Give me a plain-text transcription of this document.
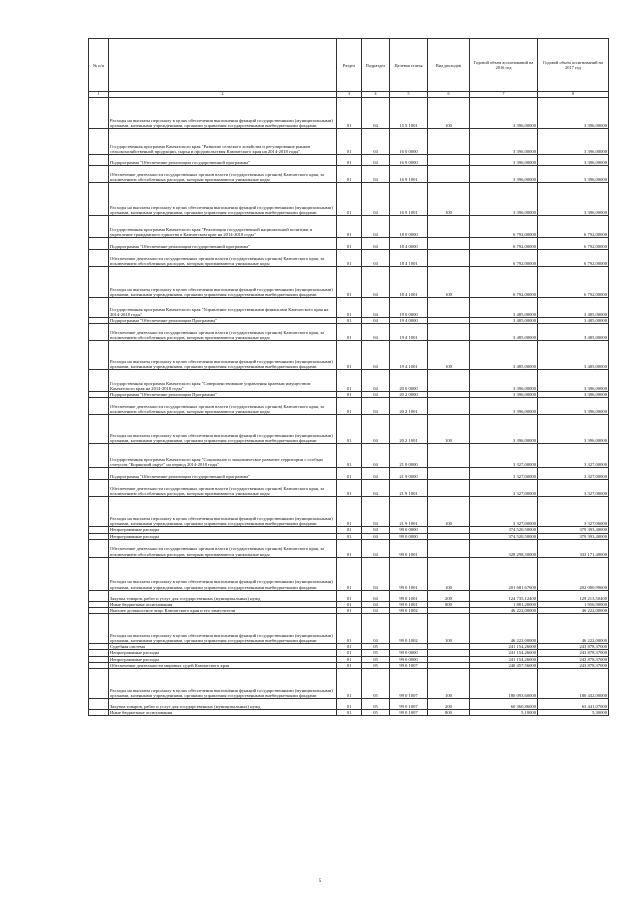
№ п/п		Раздел	Подраздел	Целевая статья	Вид расходов	Годовой объем ассигнований на 2016 год	Годовой объем ассигнований на 2017 год
1	2	3	4	5	6	7	8
	Расходы на выплаты персоналу в целях обеспечения выполнения функций государственными (муниципальными) органами, казенными учреждениями, органами управления государственными внебюджетными фондами	01	04	15 5 1001	100	3 396,00000	3 396,00000
	Государственная программа Камчатского края "Развитие сельского хозяйства и регулирование рынков сельскохозяйственной продукции, сырья и продовольствия Камчатского края на 2014-2018 годы"	01	04	16 0 0000		3 396,00000	3 396,00000
	Подпрограмма "Обеспечение реализации государственной программы"	01	04	16 9 0000		3 396,00000	3 396,00000
	Обеспечение деятельности государственных органов власти (государственных органов) Камчатского края, за исключением обособленных расходов, которым присваиваются уникальные коды	01	04	16 9 1001		3 396,00000	3 396,00000
	Расходы на выплаты персоналу в целях обеспечения выполнения функций государственными (муниципальными) органами, казенными учреждениями, органами управления государственными внебюджетными фондами	01	04	16 9 1001	100	3 396,00000	3 396,00000
	Государственная программа Камчатского края "Реализация государственной национальной политики и укрепление гражданского единства в Камчатском крае на 2014-2018 годы"	01	04	18 0 0000		6 792,00000	6 792,00000
	Подпрограмма "Обеспечение реализации государственной программы"	01	04	18 4 0000		6 792,00000	6 792,00000
	Обеспечение деятельности государственных органов власти (государственных органов) Камчатского края, за исключением обособленных расходов, которым присваиваются уникальные коды	01	04	18 4 1001		6 792,00000	6 792,00000
	Расходы на выплаты персоналу в целях обеспечения выполнения функций государственными (муниципальными) органами, казенными учреждениями, органами управления государственными внебюджетными фондами	01	04	18 4 1001	100	6 792,00000	6 792,00000
	Государственная программа Камчатского края "Управление государственными финансами Камчатского края на 2014-2018 годы"	01	04	19 0 0000		3 485,00000	3 485,00000
	Подпрограмма "Обеспечение реализации Программы"	01	04	19 4 0000		3 485,00000	3 485,00000
	Обеспечение деятельности государственных органов власти (государственных органов) Камчатского края, за исключением обособленных расходов, которым присваиваются уникальные коды	01	04	19 4 1001		3 485,00000	3 485,00000
	Расходы на выплаты персоналу в целях обеспечения выполнения функций государственными (муниципальными) органами, казенными учреждениями, органами управления государственными внебюджетными фондами	01	04	19 4 1001	100	3 485,00000	3 485,00000
	Государственная программа Камчатского края "Совершенствование управления краевым имуществом Камчатского края на 2014-2018 годы"	01	04	20 0 0000		3 396,00000	3 396,00000
	Подпрограмма "Обеспечение реализации Программы"	01	04	20 2 0000		3 396,00000	3 396,00000
	Обеспечение деятельности государственных органов власти (государственных органов) Камчатского края, за исключением обособленных расходов, которым присваиваются уникальные коды	01	04	20 2 1001		3 396,00000	3 396,00000
	Расходы на выплаты персоналу в целях обеспечения выполнения функций государственными (муниципальными) органами, казенными учреждениями, органами управления государственными внебюджетными фондами	01	04	20 2 1001	100	3 396,00000	3 396,00000
	Государственная программа Камчатского края "Социальное и экономическое развитие территории с особым статусом "Корякский округ" на период 2014-2018 годы"	01	04	21 0 0000		3 327,00000	3 327,00000
	Подпрограмма "Обеспечение реализации государственной программы"	01	04	21 9 0000		3 327,00000	3 327,00000
	Обеспечение деятельности государственных органов власти (государственных органов) Камчатского края, за исключением обособленных расходов, которым присваиваются уникальные коды	01	04	21 9 1001		3 327,00000	3 327,00000
	Расходы на выплаты персоналу в целях обеспечения выполнения функций государственными (муниципальными) органами, казенными учреждениями, органами управления государственными внебюджетными фондами	01	04	21 9 1001	100	3 327,00000	3 327,00000
	Непрограммные расходы	01	04	99 0 0000		374 520,50000	379 393,40000
	Непрограммные расходы	01	04	99 0 0000		374 520,50000	379 393,40000
	Обеспечение деятельности государственных органов власти (государственных органов) Камчатского края, за исключением обособленных расходов, которым присваиваются уникальные коды	01	04	99 0 1001		328 298,50000	333 171,40000
	Расходы на выплаты персоналу в целях обеспечения выполнения функций государственными (муниципальными) органами, казенными учреждениями, органами управления государственными внебюджетными фондами	01	04	99 0 1001	100	201 681,67600	202 000,99600
	Закупка товаров, работ и услуг для государственных (муниципальных) нужд	01	04	99 0 1001	200	124 735,12400	129 213,50400
	Иные бюджетные ассигнования	01	04	99 0 1001	800	1 881,20000	1 956,90000
	Высшее должностное лицо Камчатского края и его заместители	01	04	99 0 1002		46 222,00000	46 222,00000
	Расходы на выплаты персоналу в целях обеспечения выполнения функций государственными (муниципальными) органами, казенными учреждениями, органами управления государственными внебюджетными фондами	01	04	99 0 1002	100	46 222,00000	46 222,00000
	Судебная система	01	05			241 154,26000	243 878,37000
	Непрограммные расходы	01	05	99 0 0000		241 154,26000	243 878,37000
	Непрограммные расходы	01	05	99 0 0000		241 154,26000	243 878,37000
	Обеспечение деятельности мировых судей Камчатского края	01	05	99 0 1007		240 457,56000	243 878,37000
	Расходы на выплаты персоналу в целях обеспечения выполнения функций государственными (муниципальными) органами, казенными учреждениями, органами управления государственными внебюджетными фондами	01	05	99 0 1007	100	180 093,60000	180 432,00000
	Закупка товаров, работ и услуг для государственных (муниципальных) нужд	01	05	99 0 1007	200	60 360,86000	63 441,07000
	Иные бюджетные ассигнования	01	05	99 0 1007	800	5,10000	5,30000
5
